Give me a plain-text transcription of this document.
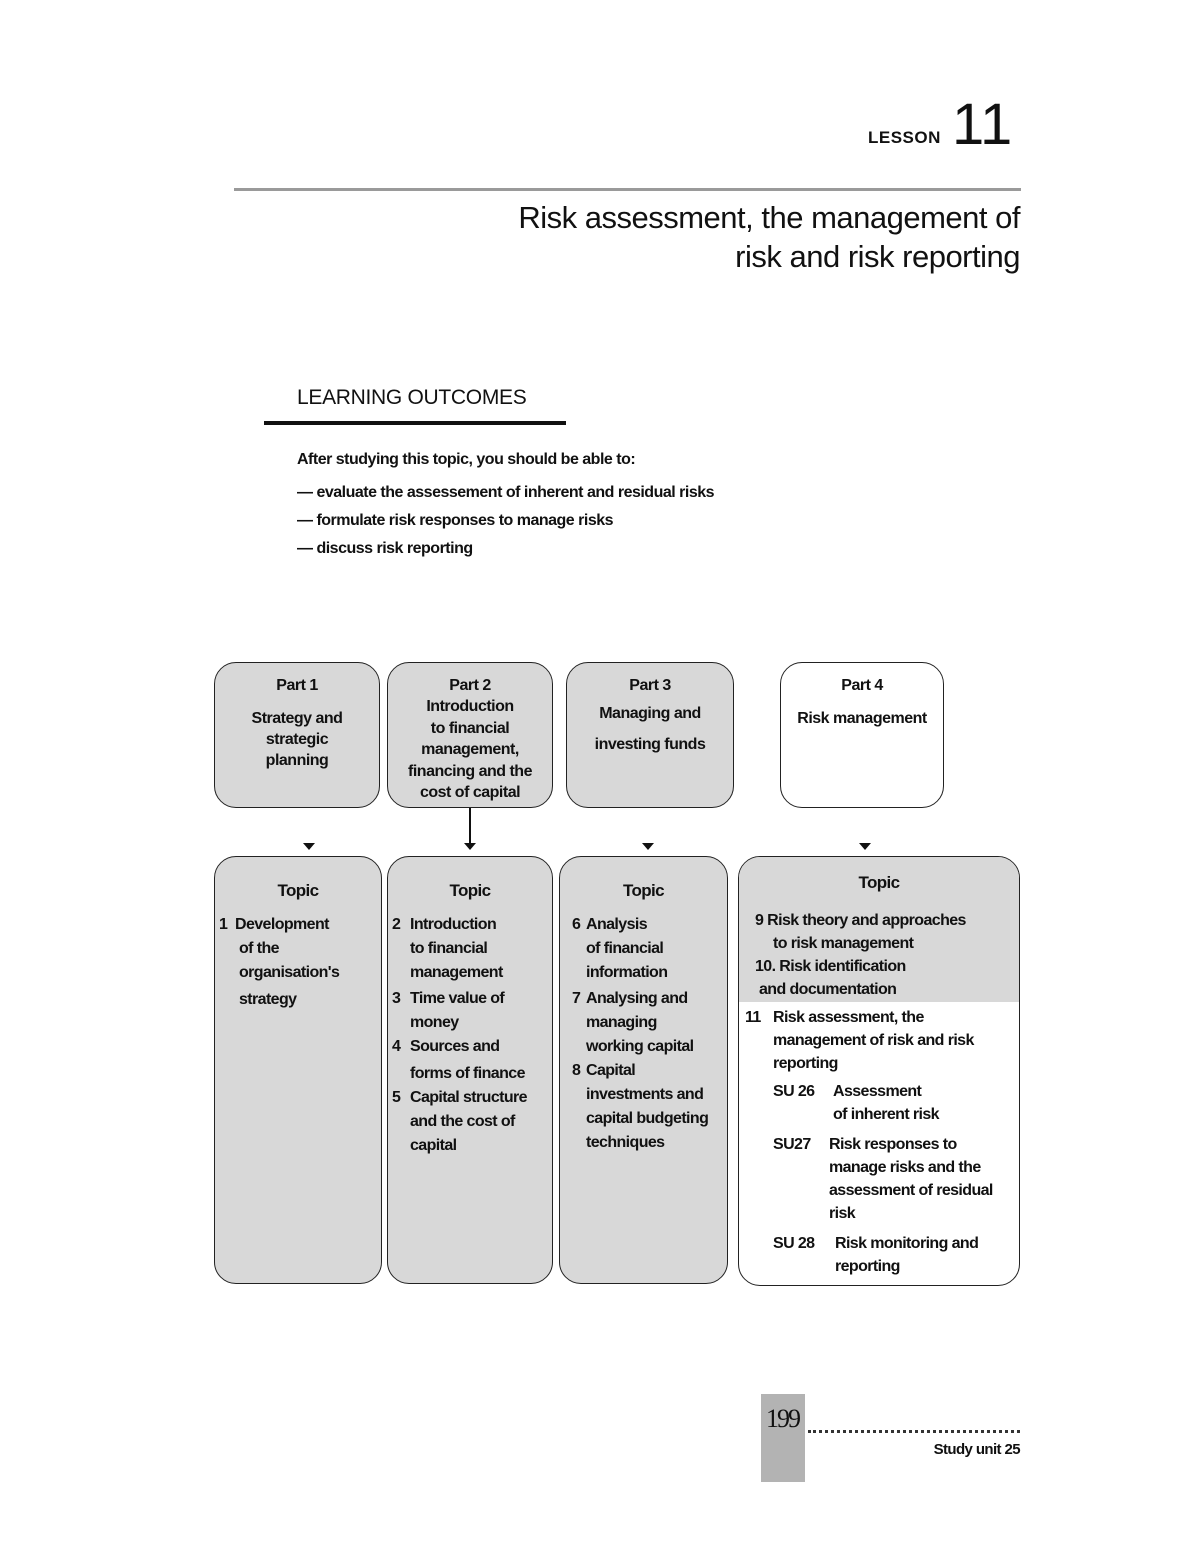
LESSON 11
Risk assessment, the management of
risk and risk reporting
LEARNING OUTCOMES
After studying this topic, you should be able to:
— evaluate the assessement of inherent and residual risks
— formulate risk responses to manage risks
— discuss risk reporting
Part 1
Strategy and
strategic
planning
Part 2
Introduction
to financial
management,
financing and the
cost of capital
Part 3
Managing and
investing funds
Part 4
Risk management
Topic
1 Development
of the
organisation's
strategy
Topic
2 Introduction
to financial
management
3 Time value of
money
4 Sources and
forms of finance
5 Capital structure
and the cost of
capital
Topic
6 Analysis
of financial
information
7 Analysing and
managing
working capital
8 Capital
investments and
capital budgeting
techniques
Topic
9 Risk theory and approaches
to risk management
10. Risk identification
and documentation
11 Risk assessment, the
management of risk and risk
reporting
SU 26 Assessment
of inherent risk
SU27 Risk responses to
manage risks and the
assessment of residual
risk
SU 28 Risk monitoring and
reporting
199
Study unit 25
